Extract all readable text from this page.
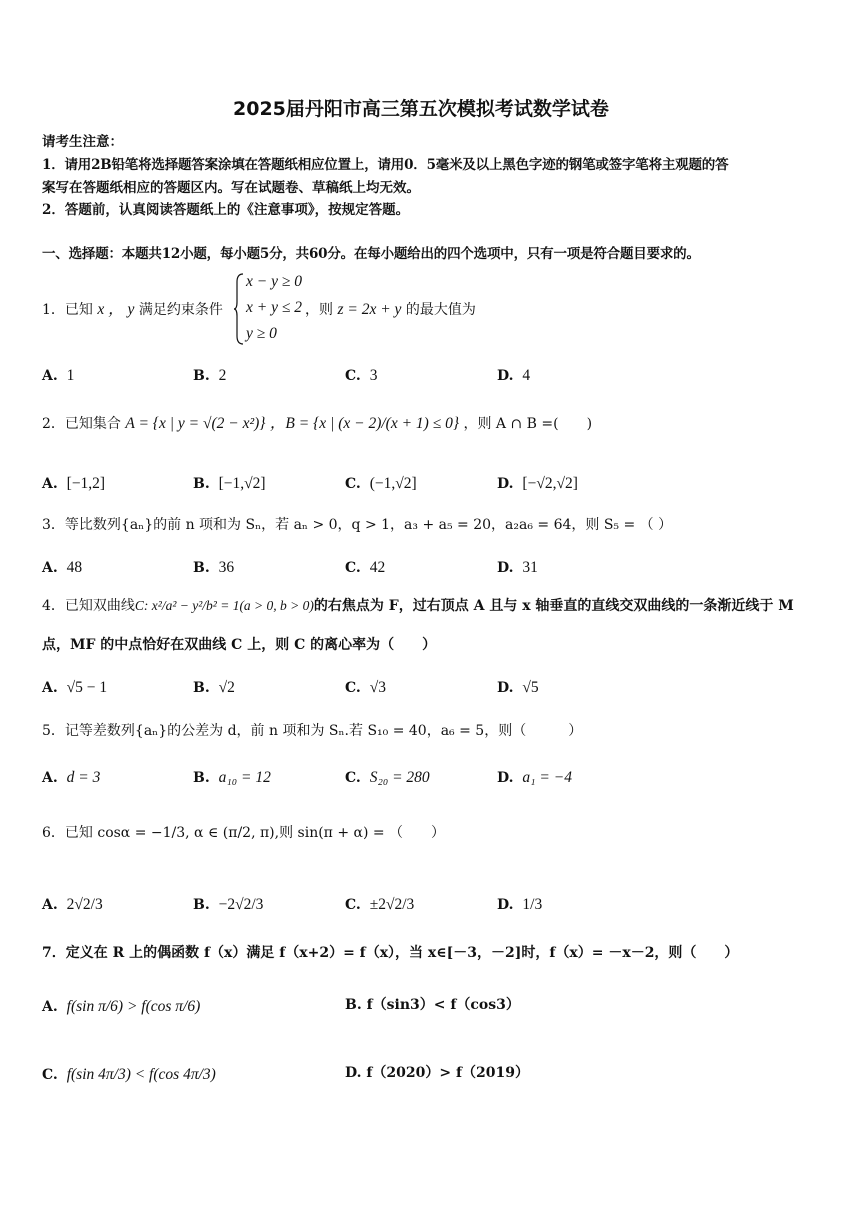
2025届丹阳市高三第五次模拟考试数学试卷
请考生注意：
1．请用2B铅笔将选择题答案涂填在答题纸相应位置上，请用0．5毫米及以上黑色字迹的钢笔或签字笔将主观题的答
案写在答题纸相应的答题区内。写在试题卷、草稿纸上均无效。
2．答题前，认真阅读答题纸上的《注意事项》，按规定答题。
一、选择题：本题共12小题，每小题5分，共60分。在每小题给出的四个选项中，只有一项是符合题目要求的。
1．已知 x ， y 满足约束条件
x − y ≥ 0
x + y ≤ 2
y ≥ 0
，则 z = 2x + y 的最大值为
A. 1	B. 2	C. 3	D. 4
2．已知集合 A = {x | y = √(2 − x²)} ，B = {x | (x − 2)/(x + 1) ≤ 0} ，则 A ∩ B =(　　)
A. [−1,2]	B. [−1,√2]	C. (−1,√2]	D. [−√2,√2]
3．等比数列{aₙ}的前 n 项和为 Sₙ，若 aₙ > 0，q > 1，a₃ + a₅ = 20，a₂a₆ = 64，则 S₅ = （ ）
A. 48	B. 36	C. 42	D. 31
4．已知双曲线C: x²/a² − y²/b² = 1(a > 0, b > 0)的右焦点为 F，过右顶点 A 且与 x 轴垂直的直线交双曲线的一条渐近线于 M
点，MF 的中点恰好在双曲线 C 上，则 C 的离心率为（　　）
A. √5 − 1	B. √2	C. √3	D. √5
5．记等差数列{aₙ}的公差为 d，前 n 项和为 Sₙ.若 S₁₀ = 40，a₆ = 5，则（　　　）
A. d = 3	B. a₁₀ = 12	C. S₂₀ = 280	D. a₁ = −4
6．已知 cosα = −1/3, α ∈ (π/2, π),则 sin(π + α) = （　　）
A. 2√2/3	B. −2√2/3	C. ±2√2/3	D. 1/3
7．定义在 R 上的偶函数 f（x）满足 f（x+2）= f（x），当 x∈[－3，－2]时，f（x）= －x－2，则（　　）
A. f(sin π/6) > f(cos π/6)	B. f（sin3）< f（cos3）
C. f(sin 4π/3) < f(cos 4π/3)	D. f（2020）> f（2019）
